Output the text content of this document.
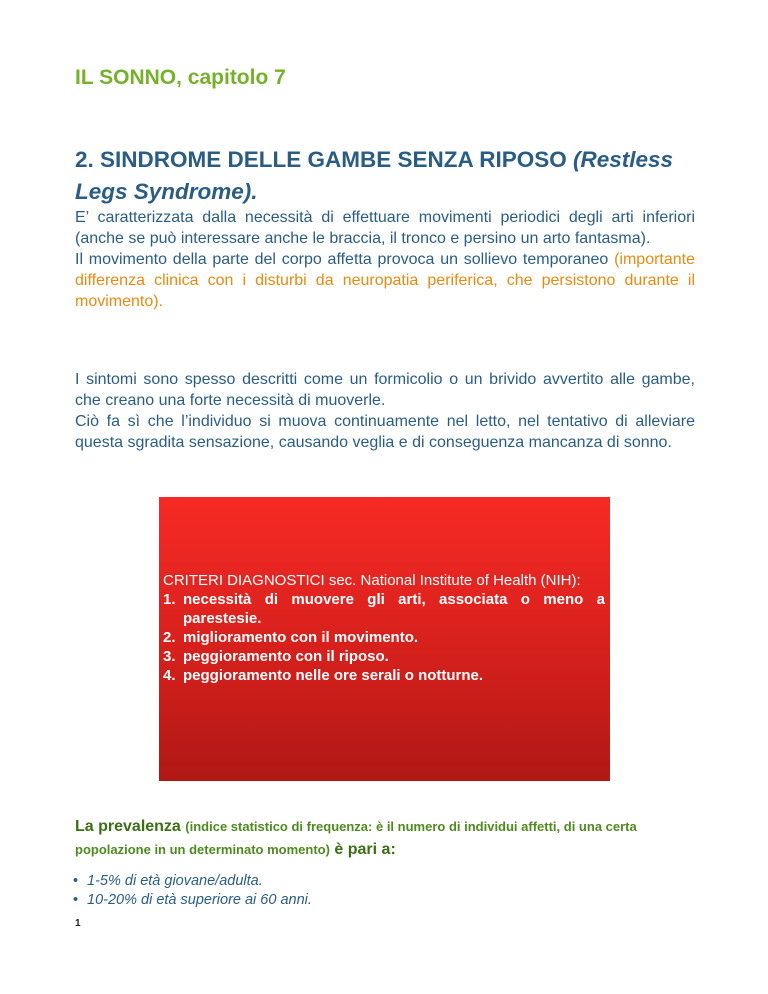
IL SONNO, capitolo 7
2. SINDROME DELLE GAMBE SENZA RIPOSO (Restless Legs Syndrome).
E’ caratterizzata dalla necessità di effettuare movimenti periodici degli arti inferiori (anche se può interessare anche le braccia, il tronco e persino un arto fantasma).
Il movimento della parte del corpo affetta provoca un sollievo temporaneo (importante differenza clinica con i disturbi da neuropatia periferica, che persistono durante il movimento).
I sintomi sono spesso descritti come un formicolio o un brivido avvertito alle gambe, che creano una forte necessità di muoverle.
Ciò fa sì che l’individuo si muova continuamente nel letto, nel tentativo di alleviare questa sgradita sensazione, causando veglia e di conseguenza mancanza di sonno.

CRITERI DIAGNOSTICI sec. National Institute of Health (NIH):

1. necessità di muovere gli arti, associata o meno a parestesie.
2. miglioramento con il movimento.
3. peggioramento con il riposo.
4. peggioramento nelle ore serali o notturne.

La prevalenza (indice statistico di frequenza: è il numero di individui affetti, di una certa popolazione in un determinato momento) è pari a:

• 1-5% di età giovane/adulta.
• 10-20% di età superiore ai 60 anni.

1
